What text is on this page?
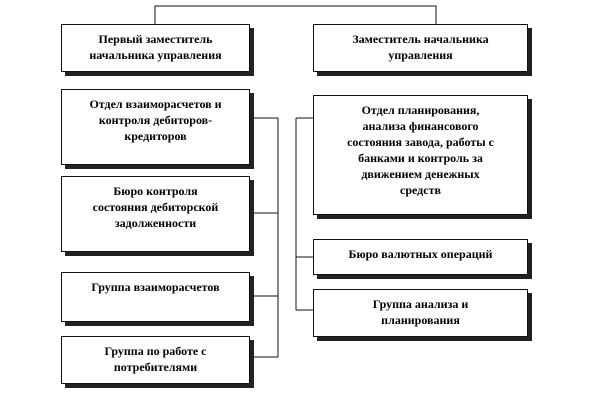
Первый заместитель
начальника управления
Отдел взаиморасчетов и
контроля дебиторов-
кредиторов
Бюро контроля
состояния дебиторской
задолженности
Группа взаиморасчетов
Группа по работе с
потребителями
Заместитель начальника
управления
Отдел планирования,
анализа финансового
состояния завода, работы с
банками и контроль за
движением денежных
средств
Бюро валютных операций
Группа анализа и
планирования
